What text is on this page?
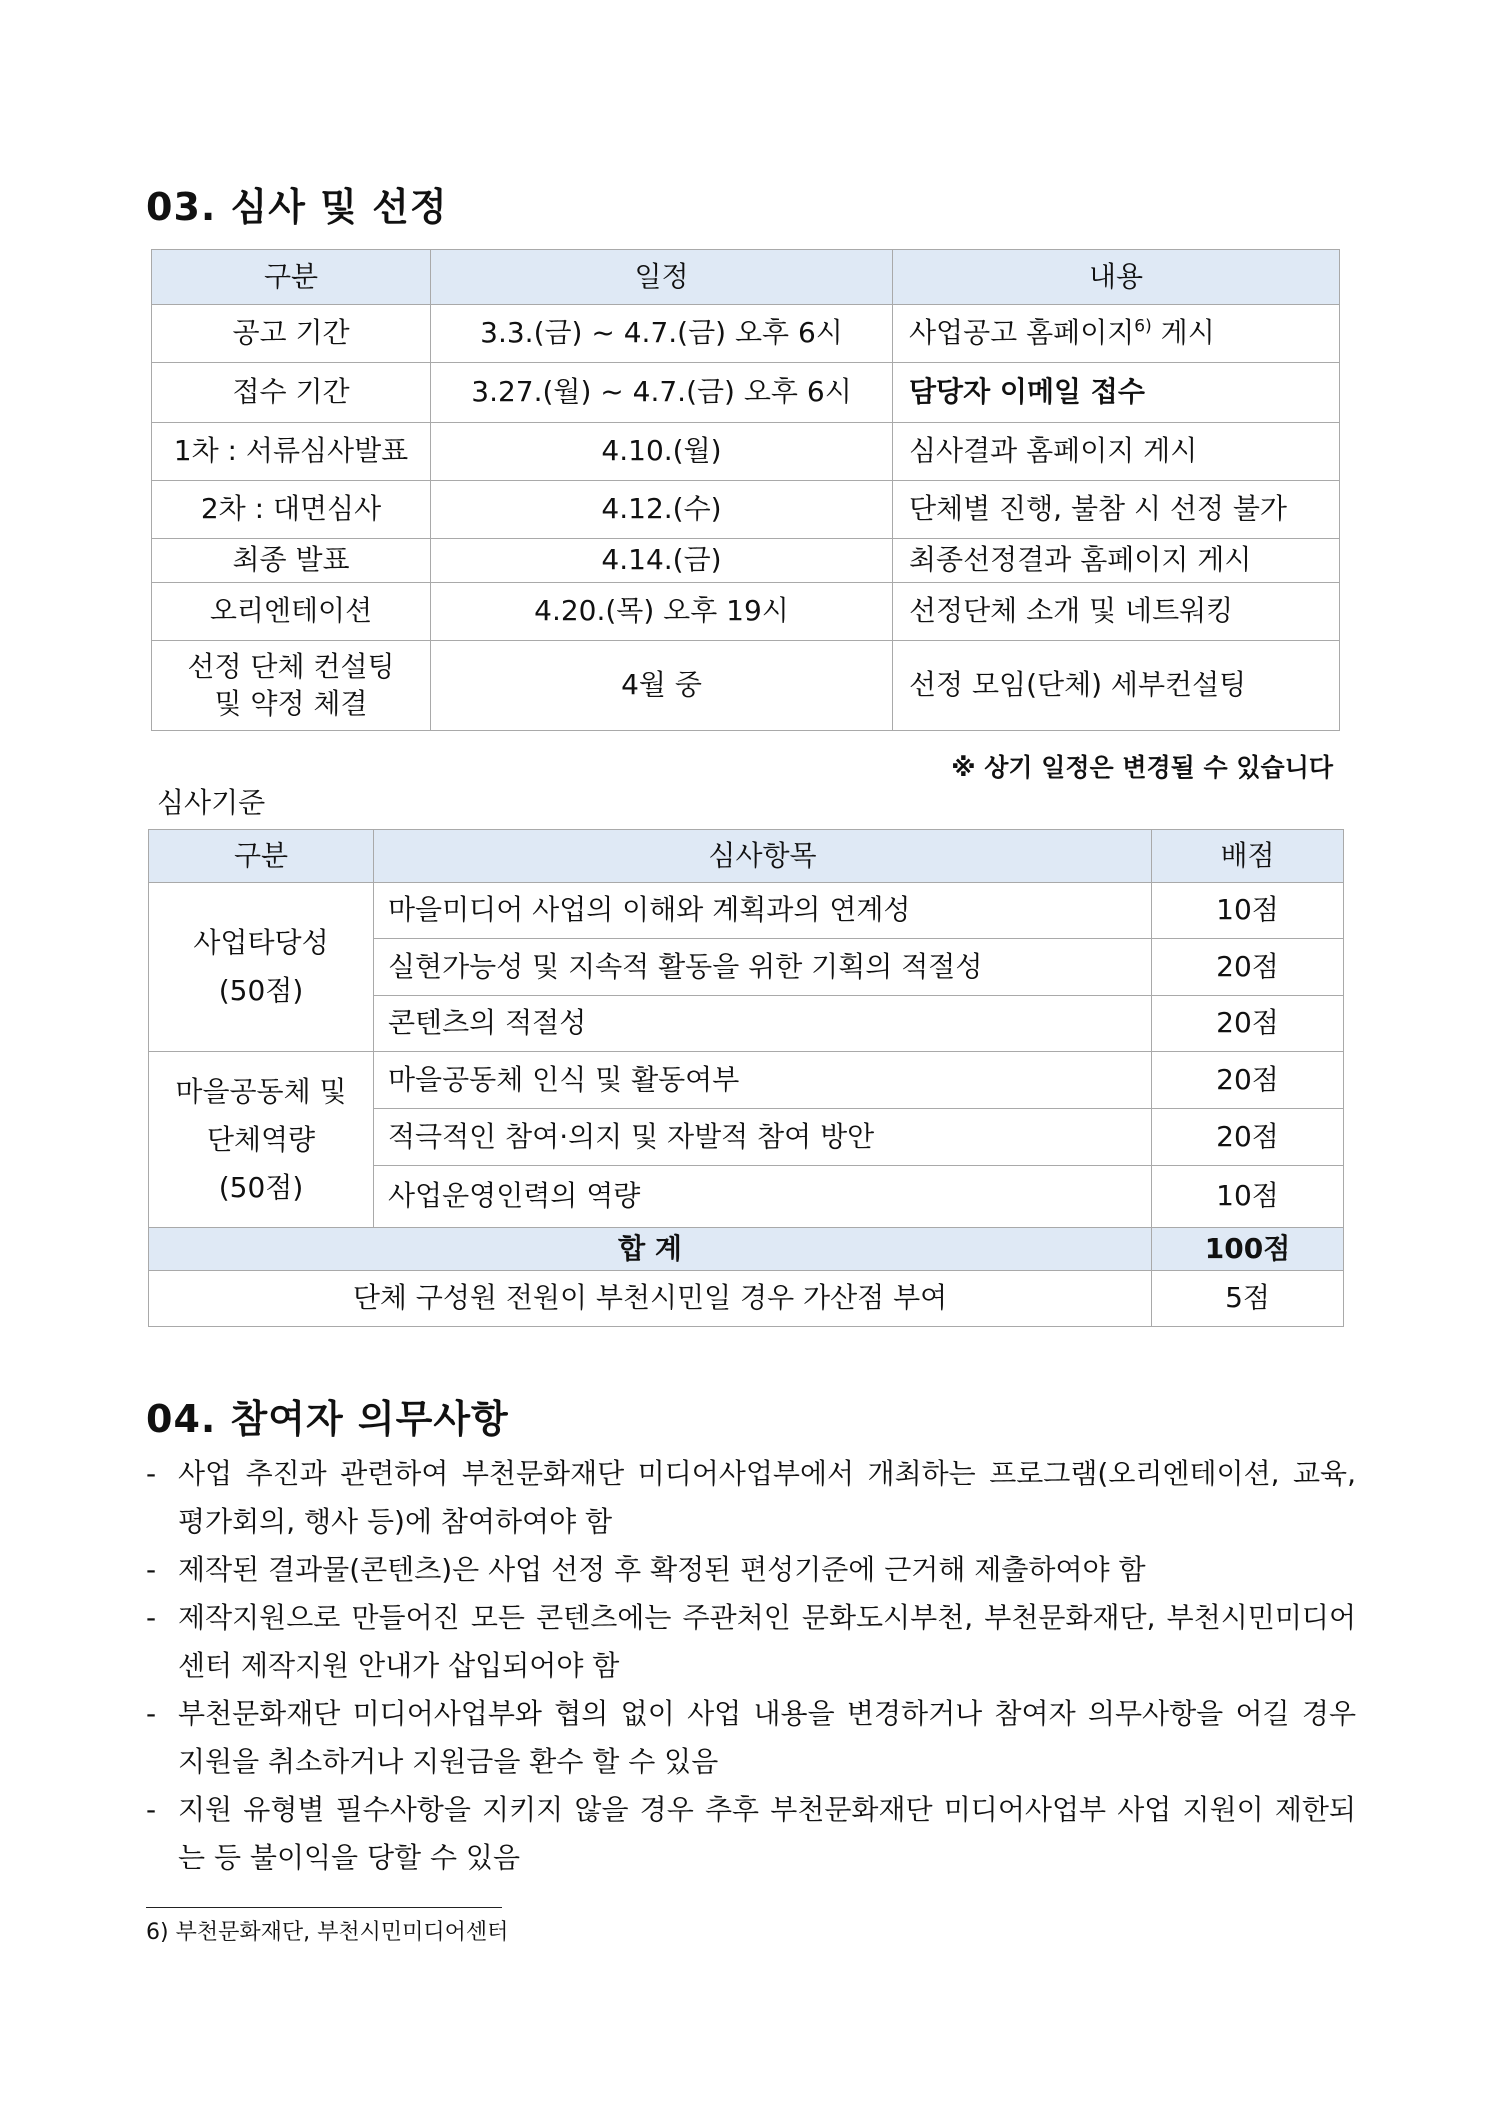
03. 심사 및 선정
구분	일정	내용
공고 기간	3.3.(금) ~ 4.7.(금) 오후 6시	사업공고 홈페이지$^{6)}$ 게시
접수 기간	3.27.(월) ~ 4.7.(금) 오후 6시	담당자 이메일 접수
1차 : 서류심사발표	4.10.(월)	심사결과 홈페이지 게시
2차 : 대면심사	4.12.(수)	단체별 진행, 불참 시 선정 불가
최종 발표	4.14.(금)	최종선정결과 홈페이지 게시
오리엔테이션	4.20.(목) 오후 19시	선정단체 소개 및 네트워킹

선정 단체 컨설팅
및 약정 체결	4월 중	선정 모임(단체) 세부컨설팅
※ 상기 일정은 변경될 수 있습니다
심사기준
구분	심사항목	배점

사업타당성
(50점)	마을미디어 사업의 이해와 계획과의 연계성	10점
	실현가능성 및 지속적 활동을 위한 기획의 적절성	20점
	콘텐츠의 적절성	20점

마을공동체 및
단체역량
(50점)	마을공동체 인식 및 활동여부	20점
	적극적인 참여·의지 및 자발적 참여 방안	20점
	사업운영인력의 역량	10점
합 계		100점
단체 구성원 전원이 부천시민일 경우 가산점 부여		5점
04. 참여자 의무사항
- 사업 추진과 관련하여 부천문화재단 미디어사업부에서 개최하는 프로그램(오리엔테이션, 교육, 평가회의, 행사 등)에 참여하여야 함
- 제작된 결과물(콘텐츠)은 사업 선정 후 확정된 편성기준에 근거해 제출하여야 함
- 제작지원으로 만들어진 모든 콘텐츠에는 주관처인 문화도시부천, 부천문화재단, 부천시민미디어센터 제작지원 안내가 삽입되어야 함
- 부천문화재단 미디어사업부와 협의 없이 사업 내용을 변경하거나 참여자 의무사항을 어길 경우 지원을 취소하거나 지원금을 환수 할 수 있음
- 지원 유형별 필수사항을 지키지 않을 경우 추후 부천문화재단 미디어사업부 사업 지원이 제한되는 등 불이익을 당할 수 있음
6) 부천문화재단, 부천시민미디어센터
